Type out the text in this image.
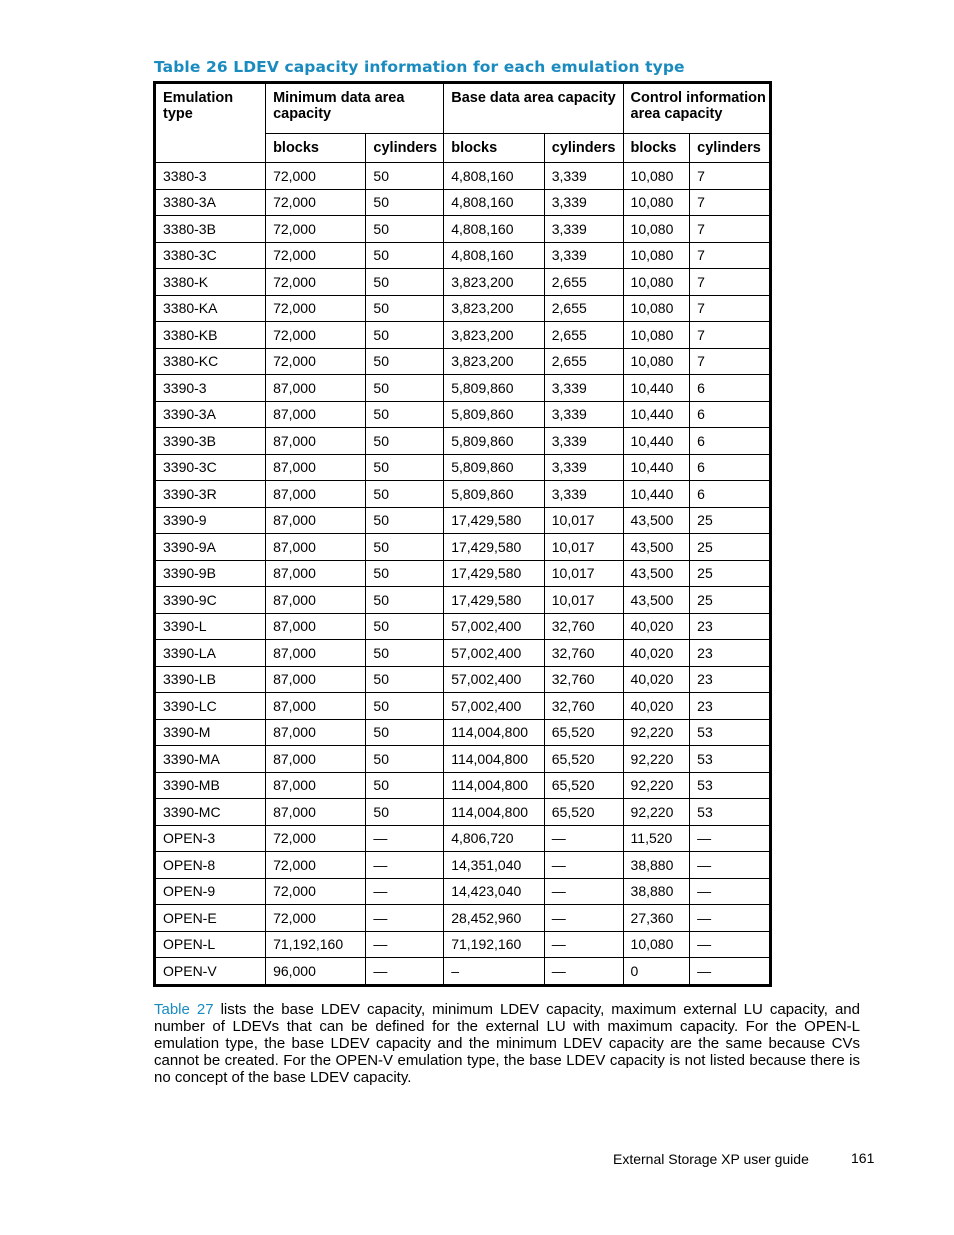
Table 26 LDEV capacity information for each emulation type
Emulation type	Minimum data area capacity		Base data area capacity		Control information area capacity	
	blocks	cylinders	blocks	cylinders	blocks	cylinders
3380-3	72,000	50	4,808,160	3,339	10,080	7
3380-3A	72,000	50	4,808,160	3,339	10,080	7
3380-3B	72,000	50	4,808,160	3,339	10,080	7
3380-3C	72,000	50	4,808,160	3,339	10,080	7
3380-K	72,000	50	3,823,200	2,655	10,080	7
3380-KA	72,000	50	3,823,200	2,655	10,080	7
3380-KB	72,000	50	3,823,200	2,655	10,080	7
3380-KC	72,000	50	3,823,200	2,655	10,080	7
3390-3	87,000	50	5,809,860	3,339	10,440	6
3390-3A	87,000	50	5,809,860	3,339	10,440	6
3390-3B	87,000	50	5,809,860	3,339	10,440	6
3390-3C	87,000	50	5,809,860	3,339	10,440	6
3390-3R	87,000	50	5,809,860	3,339	10,440	6
3390-9	87,000	50	17,429,580	10,017	43,500	25
3390-9A	87,000	50	17,429,580	10,017	43,500	25
3390-9B	87,000	50	17,429,580	10,017	43,500	25
3390-9C	87,000	50	17,429,580	10,017	43,500	25
3390-L	87,000	50	57,002,400	32,760	40,020	23
3390-LA	87,000	50	57,002,400	32,760	40,020	23
3390-LB	87,000	50	57,002,400	32,760	40,020	23
3390-LC	87,000	50	57,002,400	32,760	40,020	23
3390-M	87,000	50	114,004,800	65,520	92,220	53
3390-MA	87,000	50	114,004,800	65,520	92,220	53
3390-MB	87,000	50	114,004,800	65,520	92,220	53
3390-MC	87,000	50	114,004,800	65,520	92,220	53
OPEN-3	72,000	—	4,806,720	—	11,520	—
OPEN-8	72,000	—	14,351,040	—	38,880	—
OPEN-9	72,000	—	14,423,040	—	38,880	—
OPEN-E	72,000	—	28,452,960	—	27,360	—
OPEN-L	71,192,160	—	71,192,160	—	10,080	—
OPEN-V	96,000	—	–	—	0	—
Table 27 lists the base LDEV capacity, minimum LDEV capacity, maximum external LU capacity, and number of LDEVs that can be defined for the external LU with maximum capacity. For the OPEN-L emulation type, the base LDEV capacity and the minimum LDEV capacity are the same because CVs cannot be created. For the OPEN-V emulation type, the base LDEV capacity is not listed because there is no concept of the base LDEV capacity.
External Storage XP user guide	161
